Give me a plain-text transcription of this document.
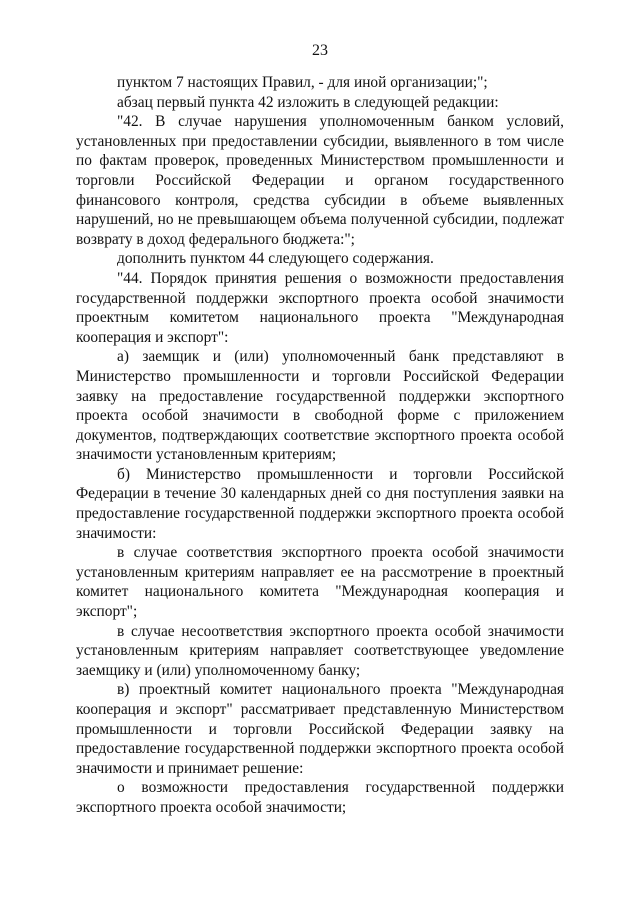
23

пунктом 7 настоящих Правил, - для иной организации;";

абзац первый пункта 42 изложить в следующей редакции:

"42. В случае нарушения уполномоченным банком условий, установленных при предоставлении субсидии, выявленного в том числе по фактам проверок, проведенных Министерством промышленности и торговли Российской Федерации и органом государственного финансового контроля, средства субсидии в объеме выявленных нарушений, но не превышающем объема полученной субсидии, подлежат возврату в доход федерального бюджета:";

дополнить пунктом 44 следующего содержания.

"44. Порядок принятия решения о возможности предоставления государственной поддержки экспортного проекта особой значимости проектным комитетом национального проекта "Международная кооперация и экспорт":

а) заемщик и (или) уполномоченный банк представляют в Министерство промышленности и торговли Российской Федерации заявку на предоставление государственной поддержки экспортного проекта особой значимости в свободной форме с приложением документов, подтверждающих соответствие экспортного проекта особой значимости установленным критериям;

б) Министерство промышленности и торговли Российской Федерации в течение 30 календарных дней со дня поступления заявки на предоставление государственной поддержки экспортного проекта особой значимости:

в случае соответствия экспортного проекта особой значимости установленным критериям направляет ее на рассмотрение в проектный комитет национального комитета "Международная кооперация и экспорт";

в случае несоответствия экспортного проекта особой значимости установленным критериям направляет соответствующее уведомление заемщику и (или) уполномоченному банку;

в) проектный комитет национального проекта "Международная кооперация и экспорт" рассматривает представленную Министерством промышленности и торговли Российской Федерации заявку на предоставление государственной поддержки экспортного проекта особой значимости и принимает решение:

о возможности предоставления государственной поддержки экспортного проекта особой значимости;
